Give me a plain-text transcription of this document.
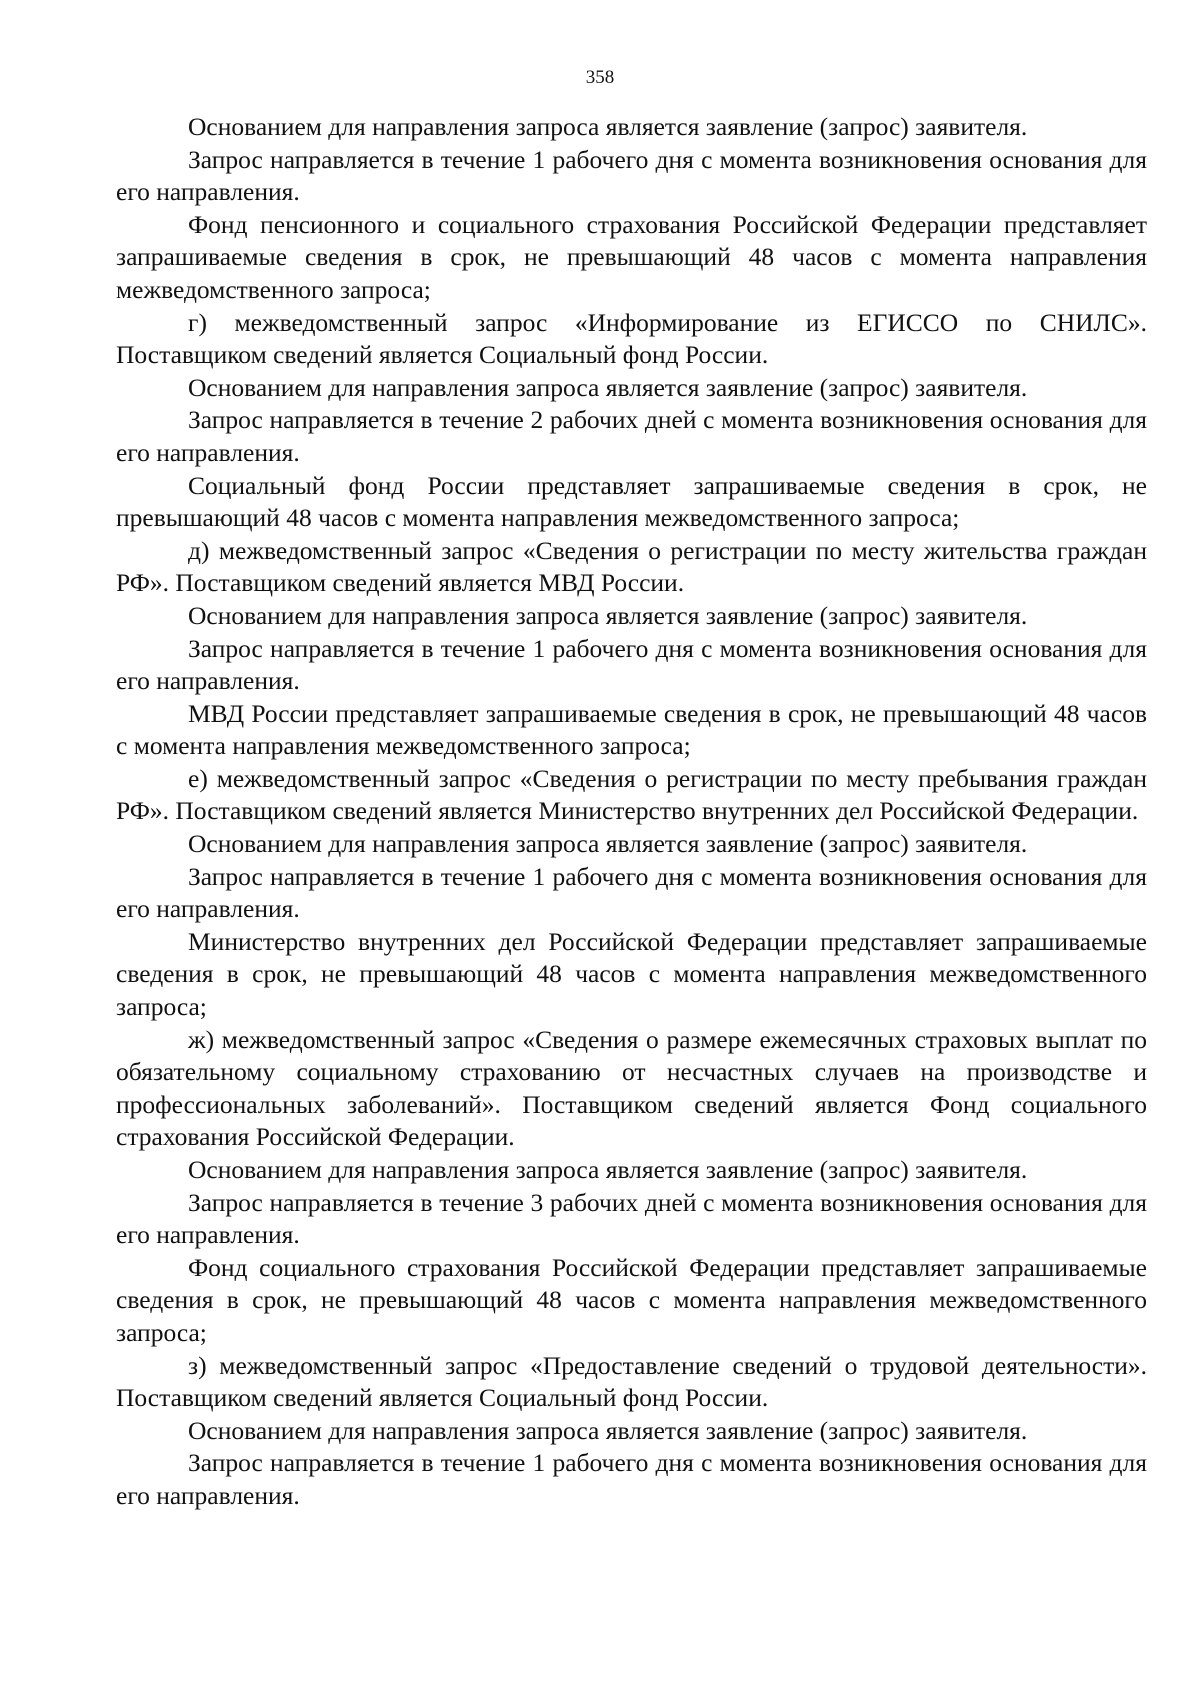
358

Основанием для направления запроса является заявление (запрос) заявителя.

Запрос направляется в течение 1 рабочего дня с момента возникновения основания для его направления.

Фонд пенсионного и социального страхования Российской Федерации представляет запрашиваемые сведения в срок, не превышающий 48 часов с момента направления межведомственного запроса;

г) межведомственный запрос «Информирование из ЕГИССО по СНИЛС». Поставщиком сведений является Социальный фонд России.

Основанием для направления запроса является заявление (запрос) заявителя.

Запрос направляется в течение 2 рабочих дней с момента возникновения основания для его направления.

Социальный фонд России представляет запрашиваемые сведения в срок, не превышающий 48 часов с момента направления межведомственного запроса;

д) межведомственный запрос «Сведения о регистрации по месту жительства граждан РФ». Поставщиком сведений является МВД России.

Основанием для направления запроса является заявление (запрос) заявителя.

Запрос направляется в течение 1 рабочего дня с момента возникновения основания для его направления.

МВД России представляет запрашиваемые сведения в срок, не превышающий 48 часов с момента направления межведомственного запроса;

е) межведомственный запрос «Сведения о регистрации по месту пребывания граждан РФ». Поставщиком сведений является Министерство внутренних дел Российской Федерации.

Основанием для направления запроса является заявление (запрос) заявителя.

Запрос направляется в течение 1 рабочего дня с момента возникновения основания для его направления.

Министерство внутренних дел Российской Федерации представляет запрашиваемые сведения в срок, не превышающий 48 часов с момента направления межведомственного запроса;

ж) межведомственный запрос «Сведения о размере ежемесячных страховых выплат по обязательному социальному страхованию от несчастных случаев на производстве и профессиональных заболеваний». Поставщиком сведений является Фонд социального страхования Российской Федерации.

Основанием для направления запроса является заявление (запрос) заявителя.

Запрос направляется в течение 3 рабочих дней с момента возникновения основания для его направления.

Фонд социального страхования Российской Федерации представляет запрашиваемые сведения в срок, не превышающий 48 часов с момента направления межведомственного запроса;

з) межведомственный запрос «Предоставление сведений о трудовой деятельности». Поставщиком сведений является Социальный фонд России.

Основанием для направления запроса является заявление (запрос) заявителя.

Запрос направляется в течение 1 рабочего дня с момента возникновения основания для его направления.
